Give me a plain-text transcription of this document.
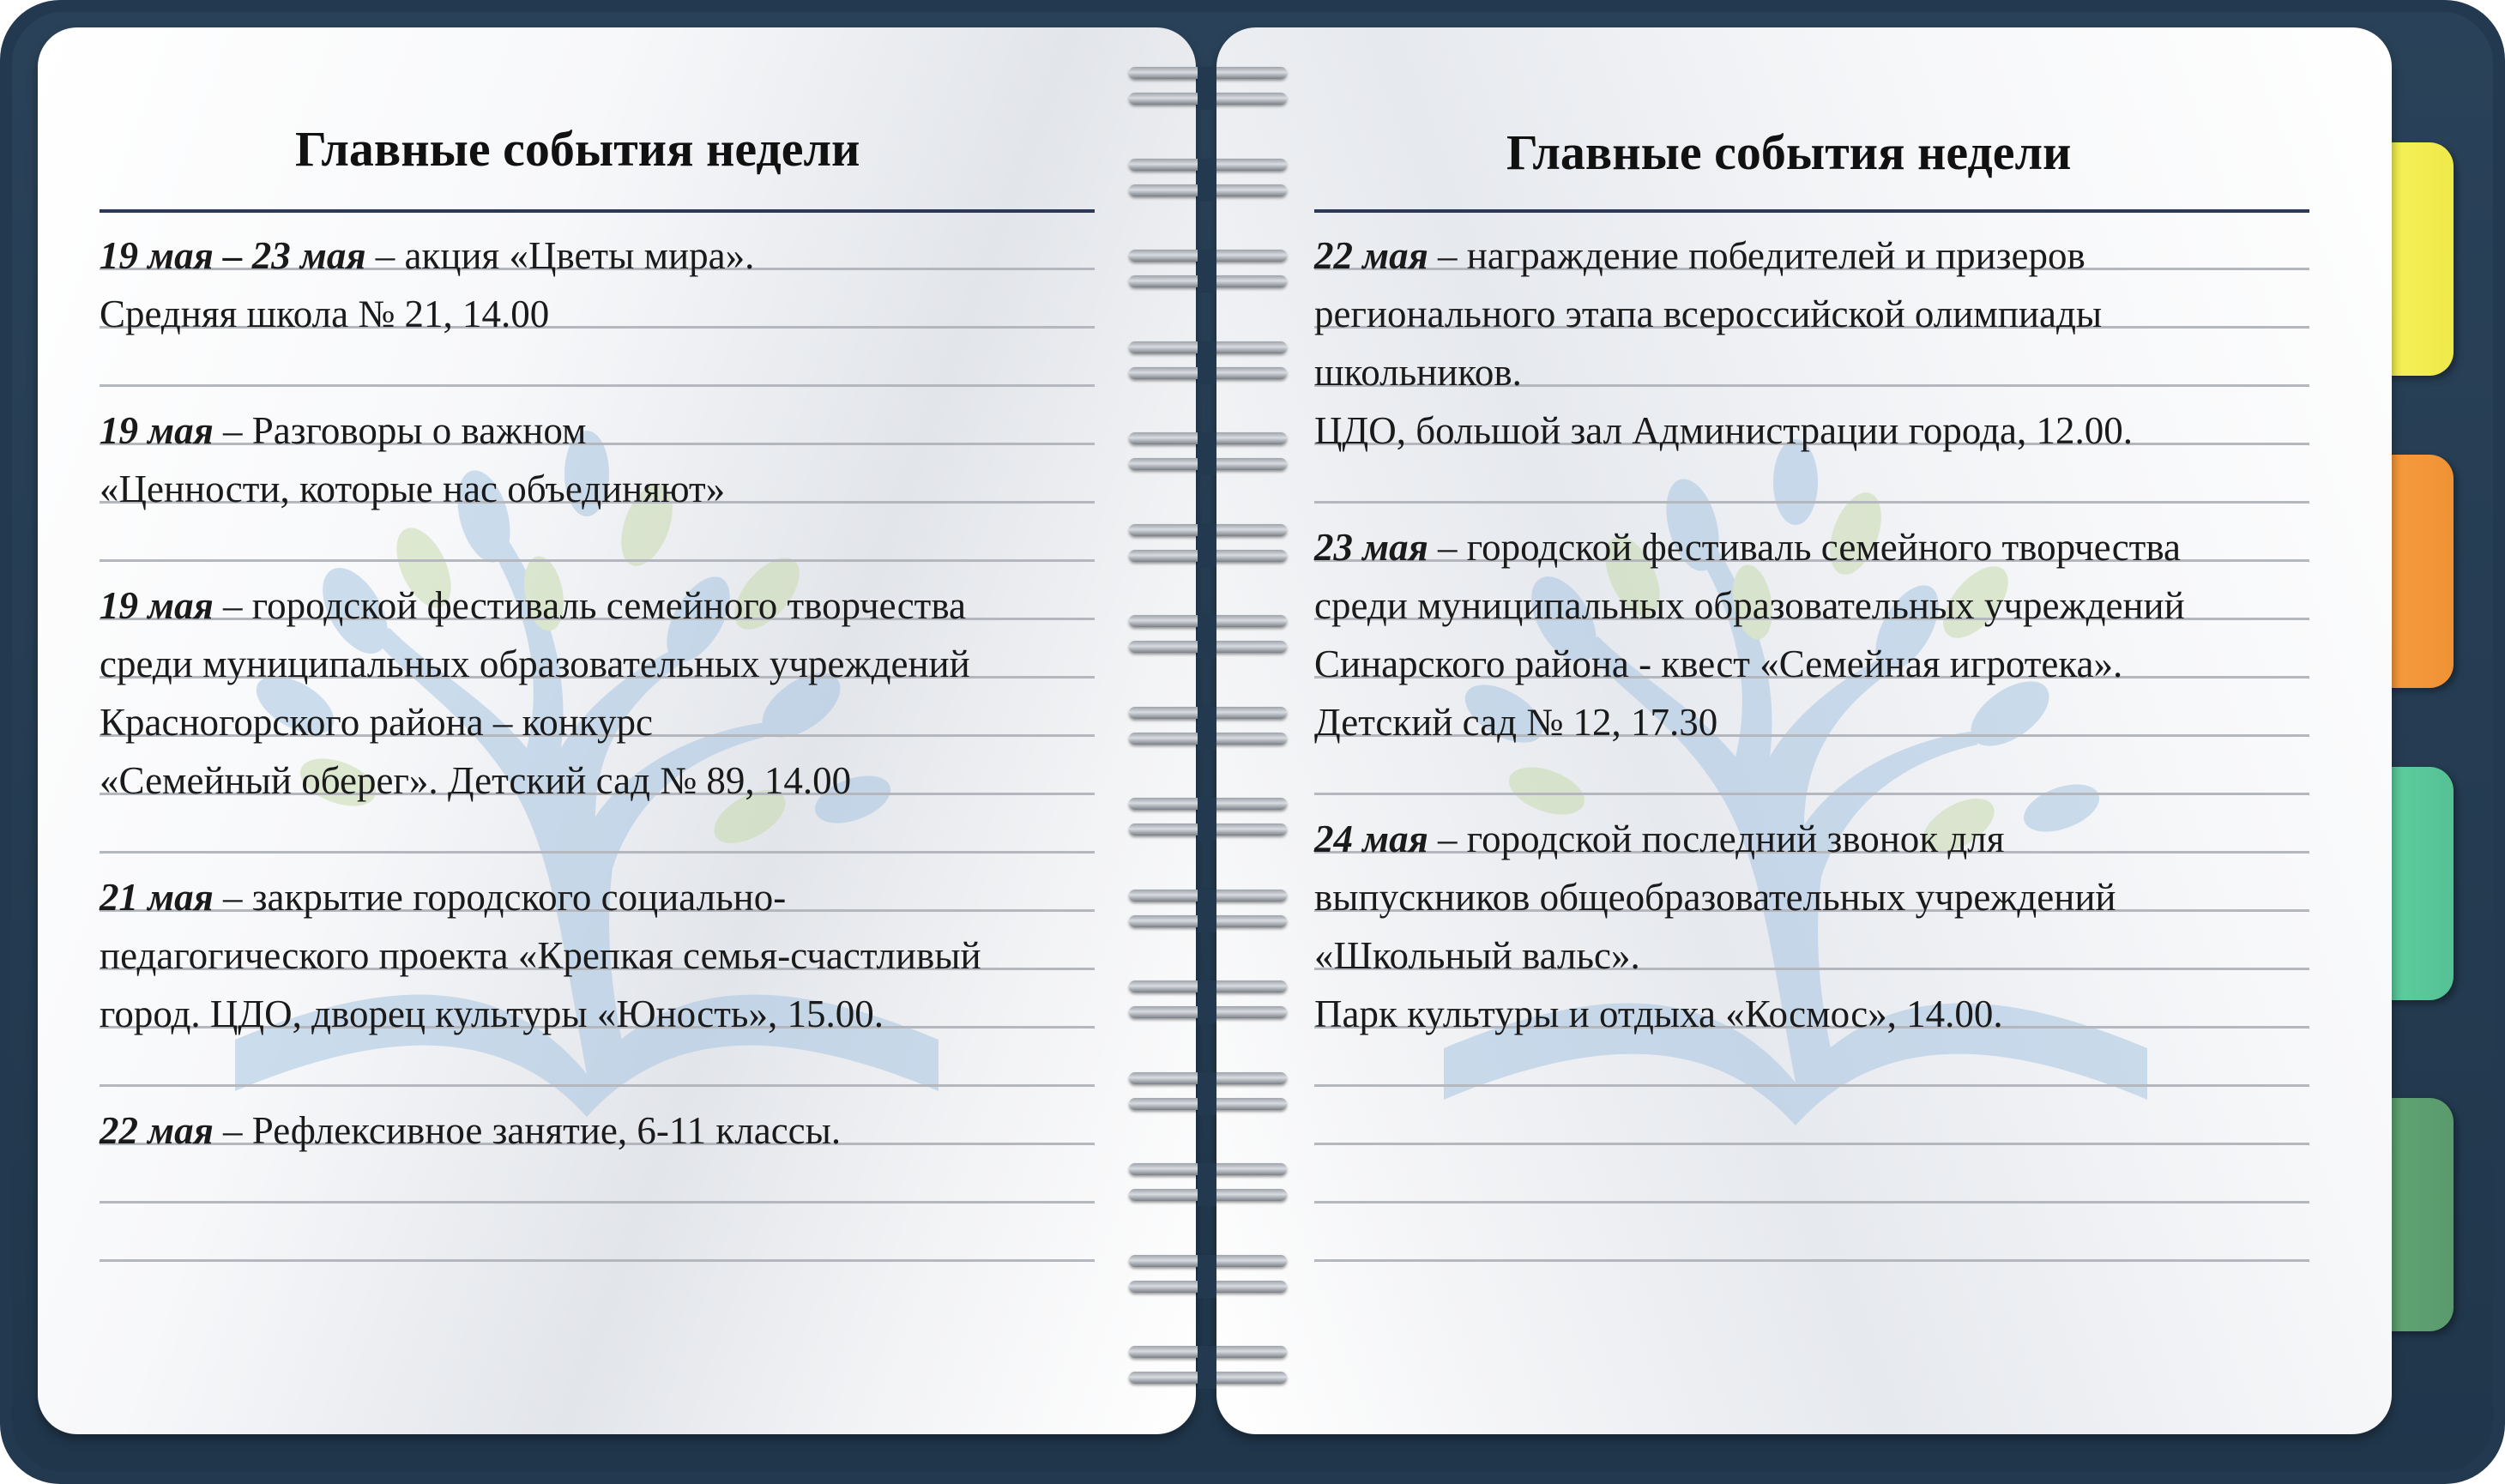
Главные события недели
19 мая – 23 мая – акция «Цветы мира».
Средняя школа № 21, 14.00
19 мая – Разговоры о важном
«Ценности, которые нас объединяют»
19 мая – городской фестиваль семейного творчества
среди муниципальных образовательных учреждений
Красногорского района – конкурс
«Семейный оберег». Детский сад № 89, 14.00
21 мая – закрытие городского социально-
педагогического проекта «Крепкая семья-счастливый
город. ЦДО, дворец культуры «Юность», 15.00.
22 мая – Рефлексивное занятие, 6-11 классы.
Главные события недели
22 мая – награждение победителей и призеров
регионального этапа всероссийской олимпиады
школьников.
ЦДО, большой зал Администрации города, 12.00.
23 мая – городской фестиваль семейного творчества
среди муниципальных образовательных учреждений
Синарского района - квест «Семейная игротека».
Детский сад № 12, 17.30
24 мая – городской последний звонок для
выпускников общеобразовательных учреждений
«Школьный вальс».
Парк культуры и отдыха «Космос», 14.00.
